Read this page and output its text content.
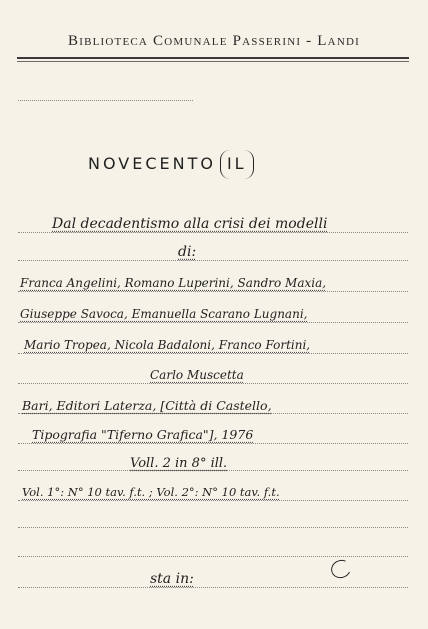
Biblioteca Comunale Passerini - Landi
NOVECENTO IL
Dal decadentismo alla crisi dei modelli
di:
Franca Angelini, Romano Luperini, Sandro Maxia,
Giuseppe Savoca, Emanuella Scarano Lugnani,
Mario Tropea, Nicola Badaloni, Franco Fortini,
Carlo Muscetta
Bari, Editori Laterza, [Città di Castello,
Tipografia "Tiferno Grafica"], 1976
Voll. 2 in 8° ill.
Vol. 1°: N° 10 tav. f.t. ; Vol. 2°: N° 10 tav. f.t.
sta in:
